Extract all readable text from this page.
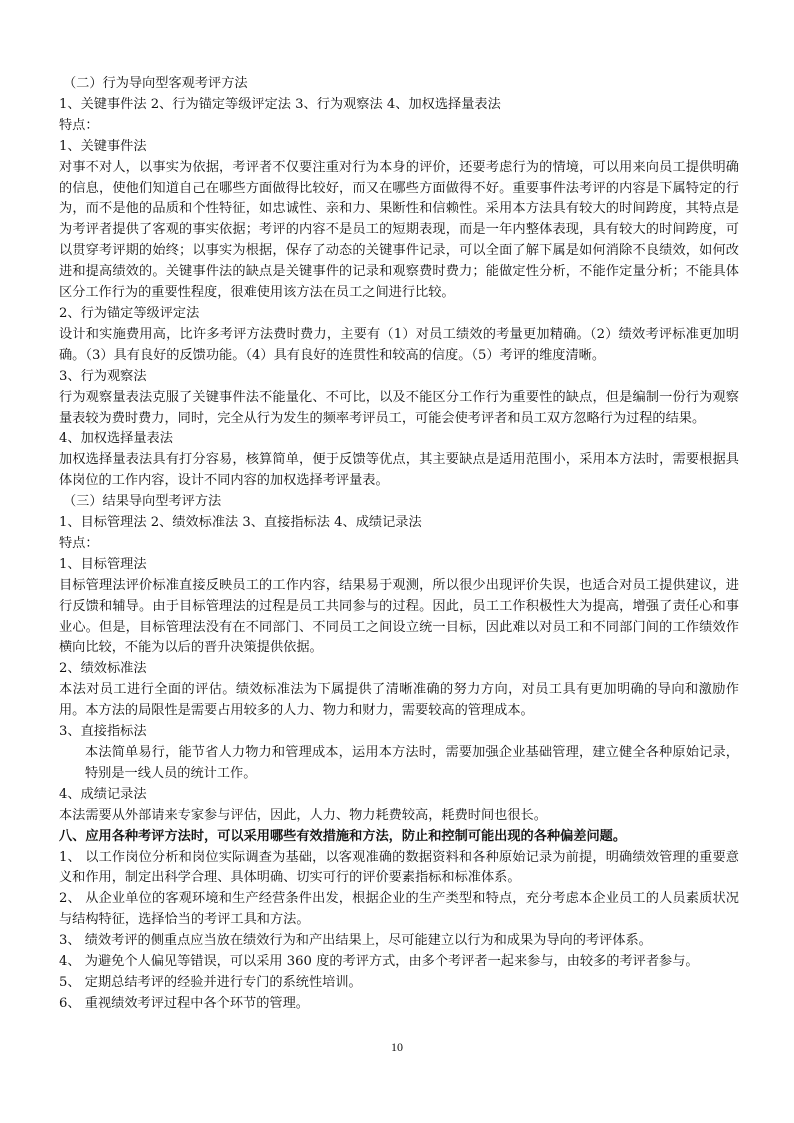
（二）行为导向型客观考评方法

1、关键事件法 2、行为锚定等级评定法 3、行为观察法 4、加权选择量表法

特点：

1、关键事件法

对事不对人，以事实为依据，考评者不仅要注重对行为本身的评价，还要考虑行为的情境，可以用来向员工提供明确的信息，使他们知道自己在哪些方面做得比较好，而又在哪些方面做得不好。重要事件法考评的内容是下属特定的行为，而不是他的品质和个性特征，如忠诚性、亲和力、果断性和信赖性。采用本方法具有较大的时间跨度，其特点是为考评者提供了客观的事实依据；考评的内容不是员工的短期表现，而是一年内整体表现，具有较大的时间跨度，可以贯穿考评期的始终；以事实为根据，保存了动态的关键事件记录，可以全面了解下属是如何消除不良绩效，如何改进和提高绩效的。关键事件法的缺点是关键事件的记录和观察费时费力；能做定性分析，不能作定量分析；不能具体区分工作行为的重要性程度，很难使用该方法在员工之间进行比较。

2、行为锚定等级评定法

设计和实施费用高，比许多考评方法费时费力，主要有（1）对员工绩效的考量更加精确。（2）绩效考评标准更加明确。（3）具有良好的反馈功能。（4）具有良好的连贯性和较高的信度。（5）考评的维度清晰。

3、行为观察法

行为观察量表法克服了关键事件法不能量化、不可比，以及不能区分工作行为重要性的缺点，但是编制一份行为观察量表较为费时费力，同时，完全从行为发生的频率考评员工，可能会使考评者和员工双方忽略行为过程的结果。

4、加权选择量表法

加权选择量表法具有打分容易，核算简单，便于反馈等优点，其主要缺点是适用范围小，采用本方法时，需要根据具体岗位的工作内容，设计不同内容的加权选择考评量表。

（三）结果导向型考评方法

1、目标管理法 2、绩效标准法 3、直接指标法 4、成绩记录法

特点：

1、目标管理法

目标管理法评价标准直接反映员工的工作内容，结果易于观测，所以很少出现评价失误，也适合对员工提供建议，进行反馈和辅导。由于目标管理法的过程是员工共同参与的过程。因此，员工工作积极性大为提高，增强了责任心和事业心。但是，目标管理法没有在不同部门、不同员工之间设立统一目标，因此难以对员工和不同部门间的工作绩效作横向比较，不能为以后的晋升决策提供依据。

2、绩效标准法

本法对员工进行全面的评估。绩效标准法为下属提供了清晰准确的努力方向，对员工具有更加明确的导向和激励作用。本方法的局限性是需要占用较多的人力、物力和财力，需要较高的管理成本。

3、直接指标法

本法简单易行，能节省人力物力和管理成本，运用本方法时，需要加强企业基础管理，建立健全各种原始记录，特别是一线人员的统计工作。

4、成绩记录法

本法需要从外部请来专家参与评估，因此，人力、物力耗费较高，耗费时间也很长。

八、应用各种考评方法时，可以采用哪些有效措施和方法，防止和控制可能出现的各种偏差问题。

1、 以工作岗位分析和岗位实际调查为基础，以客观准确的数据资料和各种原始记录为前提，明确绩效管理的重要意义和作用，制定出科学合理、具体明确、切实可行的评价要素指标和标准体系。

2、 从企业单位的客观环境和生产经营条件出发，根据企业的生产类型和特点，充分考虑本企业员工的人员素质状况与结构特征，选择恰当的考评工具和方法。

3、 绩效考评的侧重点应当放在绩效行为和产出结果上，尽可能建立以行为和成果为导向的考评体系。

4、 为避免个人偏见等错误，可以采用 360 度的考评方式，由多个考评者一起来参与，由较多的考评者参与。

5、 定期总结考评的经验并进行专门的系统性培训。

6、 重视绩效考评过程中各个环节的管理。

10
